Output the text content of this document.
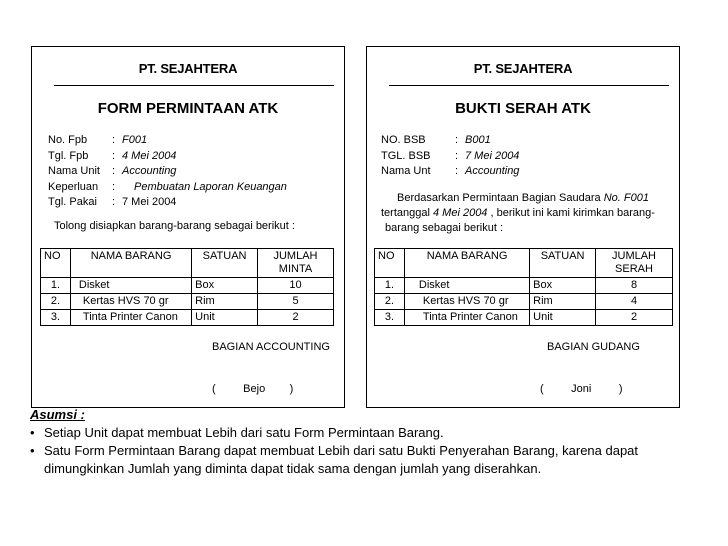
PT. SEJAHTERA
FORM PERMINTAAN ATK
No. Fpb	: F001
Tgl. Fpb	: 4 Mei 2004
Nama Unit	: Accounting
Keperluan	:	Pembuatan Laporan Keuangan
Tgl. Pakai	: 7 Mei 2004
Tolong disiapkan barang-barang sebagai berikut :
NO	NAMA BARANG	SATUAN	JUMLAH MINTA
1.	Disket	Box	10
2.	Kertas HVS 70 gr	Rim	5
3.	Tinta Printer Canon	Unit	2
BAGIAN ACCOUNTING
(         Bejo        )
PT. SEJAHTERA
BUKTI SERAH ATK
NO. BSB	: B001
TGL. BSB	: 7 Mei 2004
Nama Unt	: Accounting
Berdasarkan Permintaan Bagian Saudara No. F001
tertanggal 4 Mei 2004 , berikut ini kami kirimkan barang-
barang sebagai berikut :
NO	NAMA BARANG	SATUAN	JUMLAH SERAH
1.	Disket	Box	8
2.	Kertas HVS 70 gr	Rim	4
3.	Tinta Printer Canon	Unit	2
BAGIAN GUDANG
(         Joni         )
Asumsi :
• Setiap Unit dapat membuat Lebih dari satu Form Permintaan Barang.
• Satu Form Permintaan Barang dapat membuat Lebih dari satu Bukti Penyerahan Barang, karena dapat dimungkinkan Jumlah yang diminta dapat tidak sama dengan jumlah yang diserahkan.
